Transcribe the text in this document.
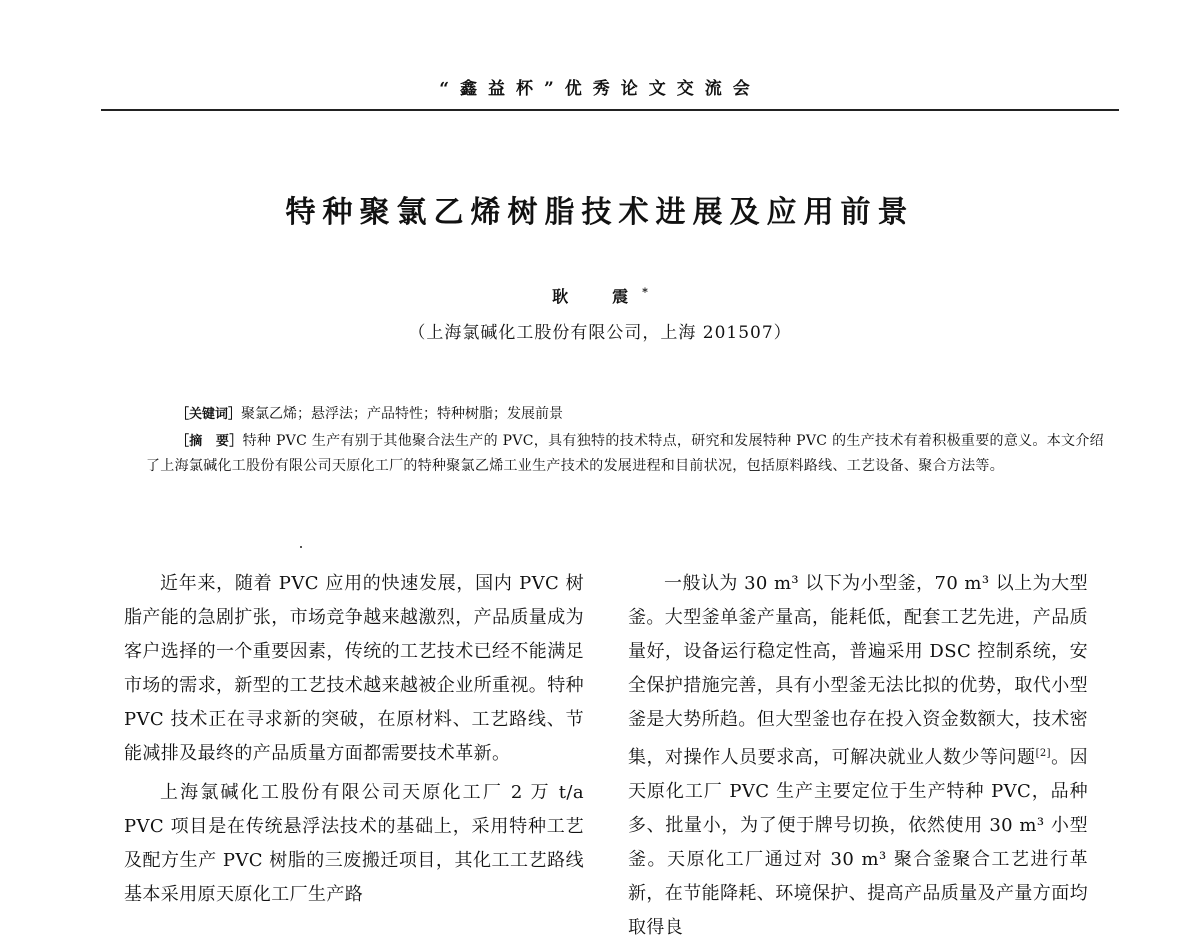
“鑫益杯”优秀论文交流会
特种聚氯乙烯树脂技术进展及应用前景
耿　震*
（上海氯碱化工股份有限公司，上海 201507）
［关键词］聚氯乙烯；悬浮法；产品特性；特种树脂；发展前景
［摘　要］特种 PVC 生产有别于其他聚合法生产的 PVC，具有独特的技术特点，研究和发展特种 PVC 的生产技术有着积极重要的意义。本文介绍了上海氯碱化工股份有限公司天原化工厂的特种聚氯乙烯工业生产技术的发展进程和目前状况，包括原料路线、工艺设备、聚合方法等。

近年来，随着 PVC 应用的快速发展，国内 PVC 树脂产能的急剧扩张，市场竞争越来越激烈，产品质量成为客户选择的一个重要因素，传统的工艺技术已经不能满足市场的需求，新型的工艺技术越来越被企业所重视。特种 PVC 技术正在寻求新的突破，在原材料、工艺路线、节能减排及最终的产品质量方面都需要技术革新。

上海氯碱化工股份有限公司天原化工厂 2 万 t/a PVC 项目是在传统悬浮法技术的基础上，采用特种工艺及配方生产 PVC 树脂的三废搬迁项目，其化工工艺路线基本采用原天原化工厂生产路

一般认为 30 m³ 以下为小型釜，70 m³ 以上为大型釜。大型釜单釜产量高，能耗低，配套工艺先进，产品质量好，设备运行稳定性高，普遍采用 DSC 控制系统，安全保护措施完善，具有小型釜无法比拟的优势，取代小型釜是大势所趋。但大型釜也存在投入资金数额大，技术密集，对操作人员要求高，可解决就业人数少等问题[2]。因天原化工厂 PVC 生产主要定位于生产特种 PVC，品种多、批量小，为了便于牌号切换，依然使用 30 m³ 小型釜。天原化工厂通过对 30 m³ 聚合釜聚合工艺进行革新，在节能降耗、环境保护、提高产品质量及产量方面均取得良
